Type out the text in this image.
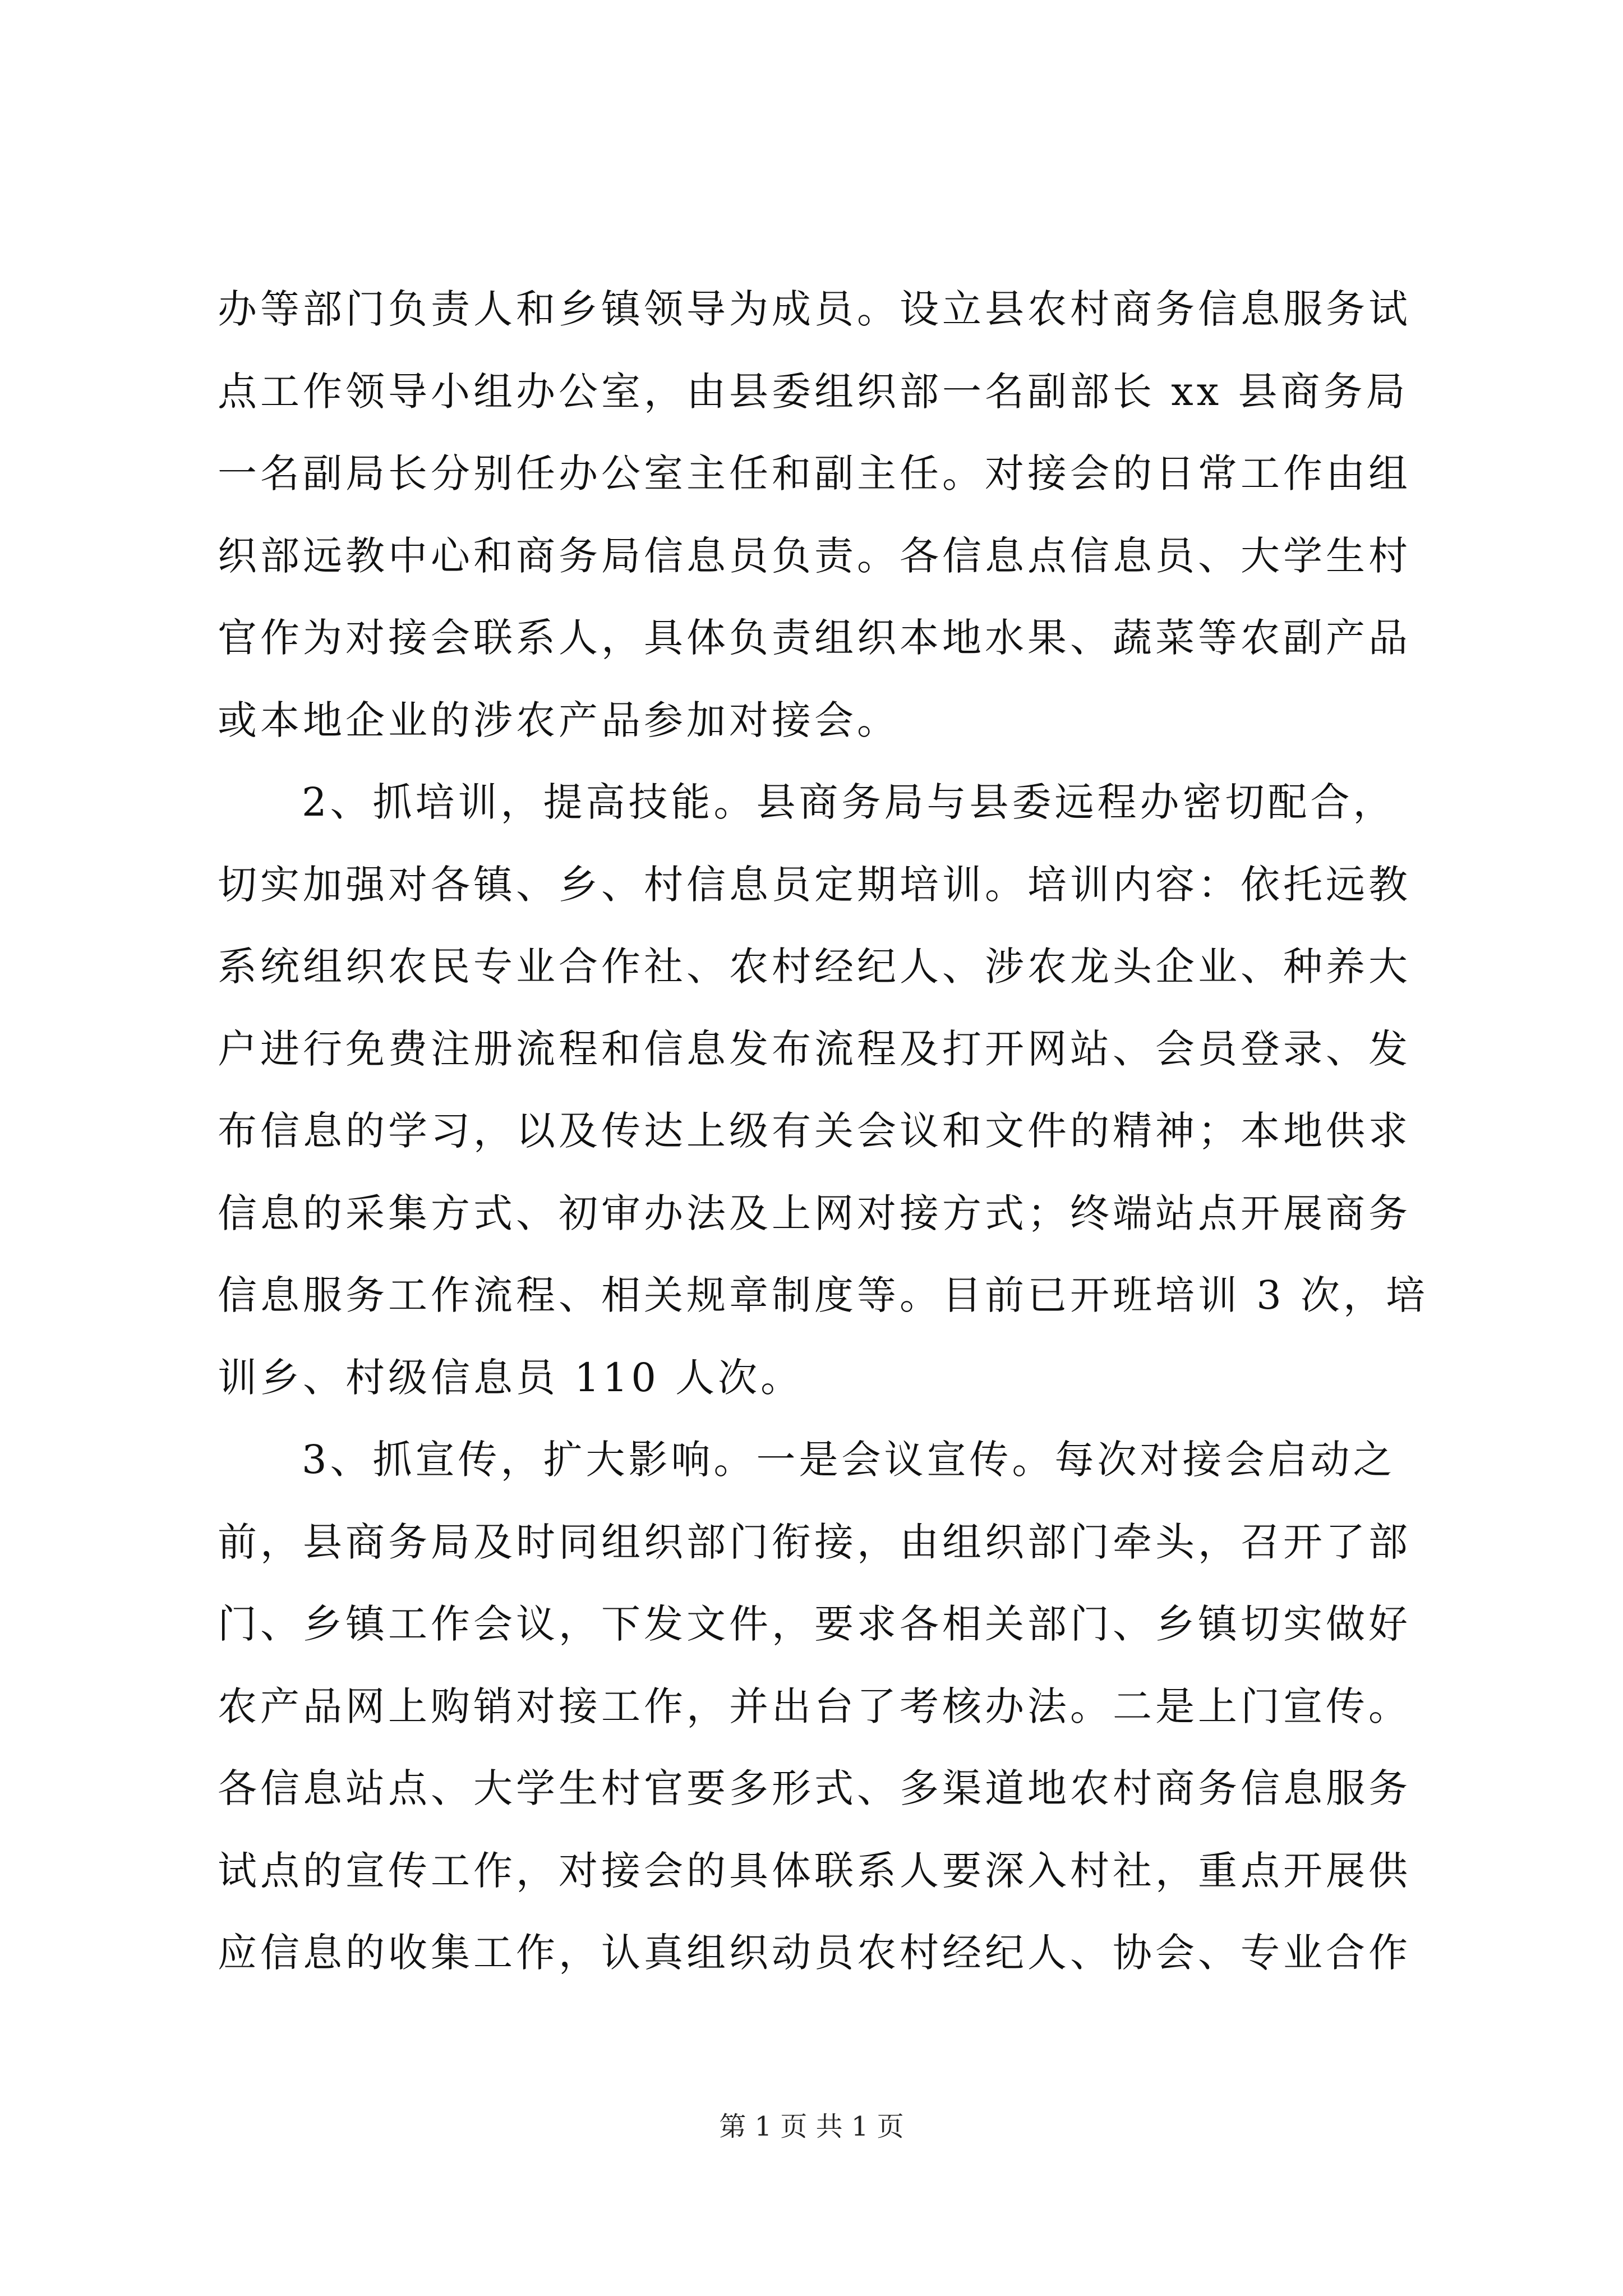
办等部门负责人和乡镇领导为成员。设立县农村商务信息服务试
点工作领导小组办公室，由县委组织部一名副部长 xx 县商务局
一名副局长分别任办公室主任和副主任。对接会的日常工作由组
织部远教中心和商务局信息员负责。各信息点信息员、大学生村
官作为对接会联系人，具体负责组织本地水果、蔬菜等农副产品
或本地企业的涉农产品参加对接会。
2、抓培训，提高技能。县商务局与县委远程办密切配合，
切实加强对各镇、乡、村信息员定期培训。培训内容：依托远教
系统组织农民专业合作社、农村经纪人、涉农龙头企业、种养大
户进行免费注册流程和信息发布流程及打开网站、会员登录、发
布信息的学习，以及传达上级有关会议和文件的精神；本地供求
信息的采集方式、初审办法及上网对接方式；终端站点开展商务
信息服务工作流程、相关规章制度等。目前已开班培训 3 次，培
训乡、村级信息员 110 人次。
3、抓宣传，扩大影响。一是会议宣传。每次对接会启动之
前，县商务局及时同组织部门衔接，由组织部门牵头，召开了部
门、乡镇工作会议，下发文件，要求各相关部门、乡镇切实做好
农产品网上购销对接工作，并出台了考核办法。二是上门宣传。
各信息站点、大学生村官要多形式、多渠道地农村商务信息服务
试点的宣传工作，对接会的具体联系人要深入村社，重点开展供
应信息的收集工作，认真组织动员农村经纪人、协会、专业合作
第 1 页 共 1 页
